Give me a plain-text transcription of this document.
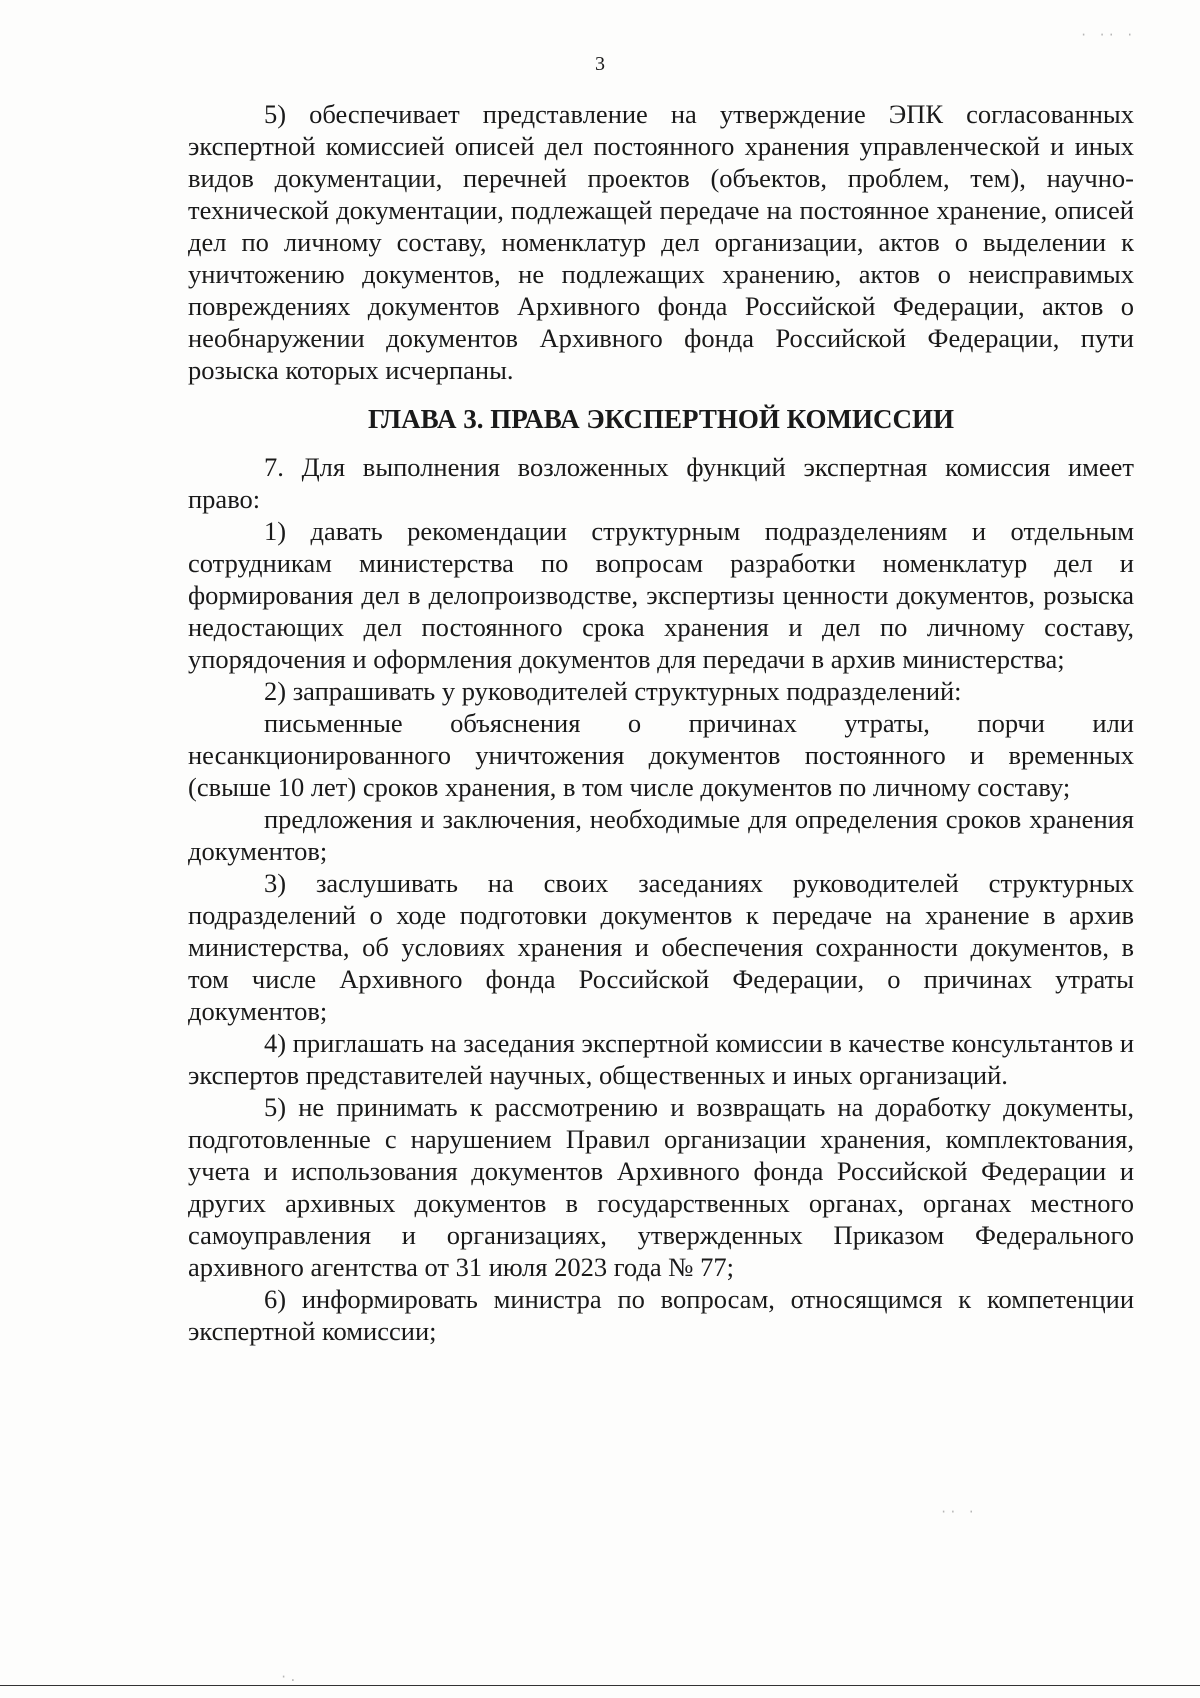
3

5) обеспечивает представление на утверждение ЭПК согласованных экспертной комиссией описей дел постоянного хранения управленческой и иных видов документации, перечней проектов (объектов, проблем, тем), научно-технической документации, подлежащей передаче на постоянное хранение, описей дел по личному составу, номенклатур дел организации, актов о выделении к уничтожению документов, не подлежащих хранению, актов о неисправимых повреждениях документов Архивного фонда Российской Федерации, актов о необнаружении документов Архивного фонда Российской Федерации, пути розыска которых исчерпаны.

ГЛАВА 3. ПРАВА ЭКСПЕРТНОЙ КОМИССИИ

7. Для выполнения возложенных функций экспертная комиссия имеет право:

1) давать рекомендации структурным подразделениям и отдельным сотрудникам министерства по вопросам разработки номенклатур дел и формирования дел в делопроизводстве, экспертизы ценности документов, розыска недостающих дел постоянного срока хранения и дел по личному составу, упорядочения и оформления документов для передачи в архив министерства;

2) запрашивать у руководителей структурных подразделений:

письменные объяснения о причинах утраты, порчи или несанкционированного уничтожения документов постоянного и временных (свыше 10 лет) сроков хранения, в том числе документов по личному составу;

предложения и заключения, необходимые для определения сроков хранения документов;

3) заслушивать на своих заседаниях руководителей структурных подразделений о ходе подготовки документов к передаче на хранение в архив министерства, об условиях хранения и обеспечения сохранности документов, в том числе Архивного фонда Российской Федерации, о причинах утраты документов;

4) приглашать на заседания экспертной комиссии в качестве консультантов и экспертов представителей научных, общественных и иных организаций.

5) не принимать к рассмотрению и возвращать на доработку документы, подготовленные с нарушением Правил организации хранения, комплектования, учета и использования документов Архивного фонда Российской Федерации и других архивных документов в государственных органах, органах местного самоуправления и организациях, утвержденных Приказом Федерального архивного агентства от 31 июля 2023 года № 77;

6) информировать министра по вопросам, относящимся к компетенции экспертной комиссии;

· ·· ·
·· ·
·.
